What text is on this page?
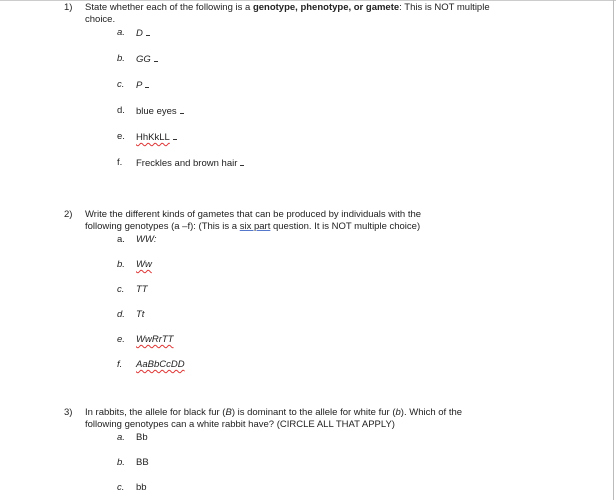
1) State whether each of the following is a genotype, phenotype, or gamete: This is NOT multiple choice.
a. D
b. GG
c. P
d. blue eyes
e. HhKkLL
f. Freckles and brown hair
2) Write the different kinds of gametes that can be produced by individuals with the
following genotypes (a –f): (This is a six part question. It is NOT multiple choice)
a. WW:
b. Ww
c. TT
d. Tt
e. WwRrTT
f. AaBbCcDD
3) In rabbits, the allele for black fur (B) is dominant to the allele for white fur (b). Which of the following genotypes can a white rabbit have? (CIRCLE ALL THAT APPLY)
a. Bb
b. BB
c. bb
